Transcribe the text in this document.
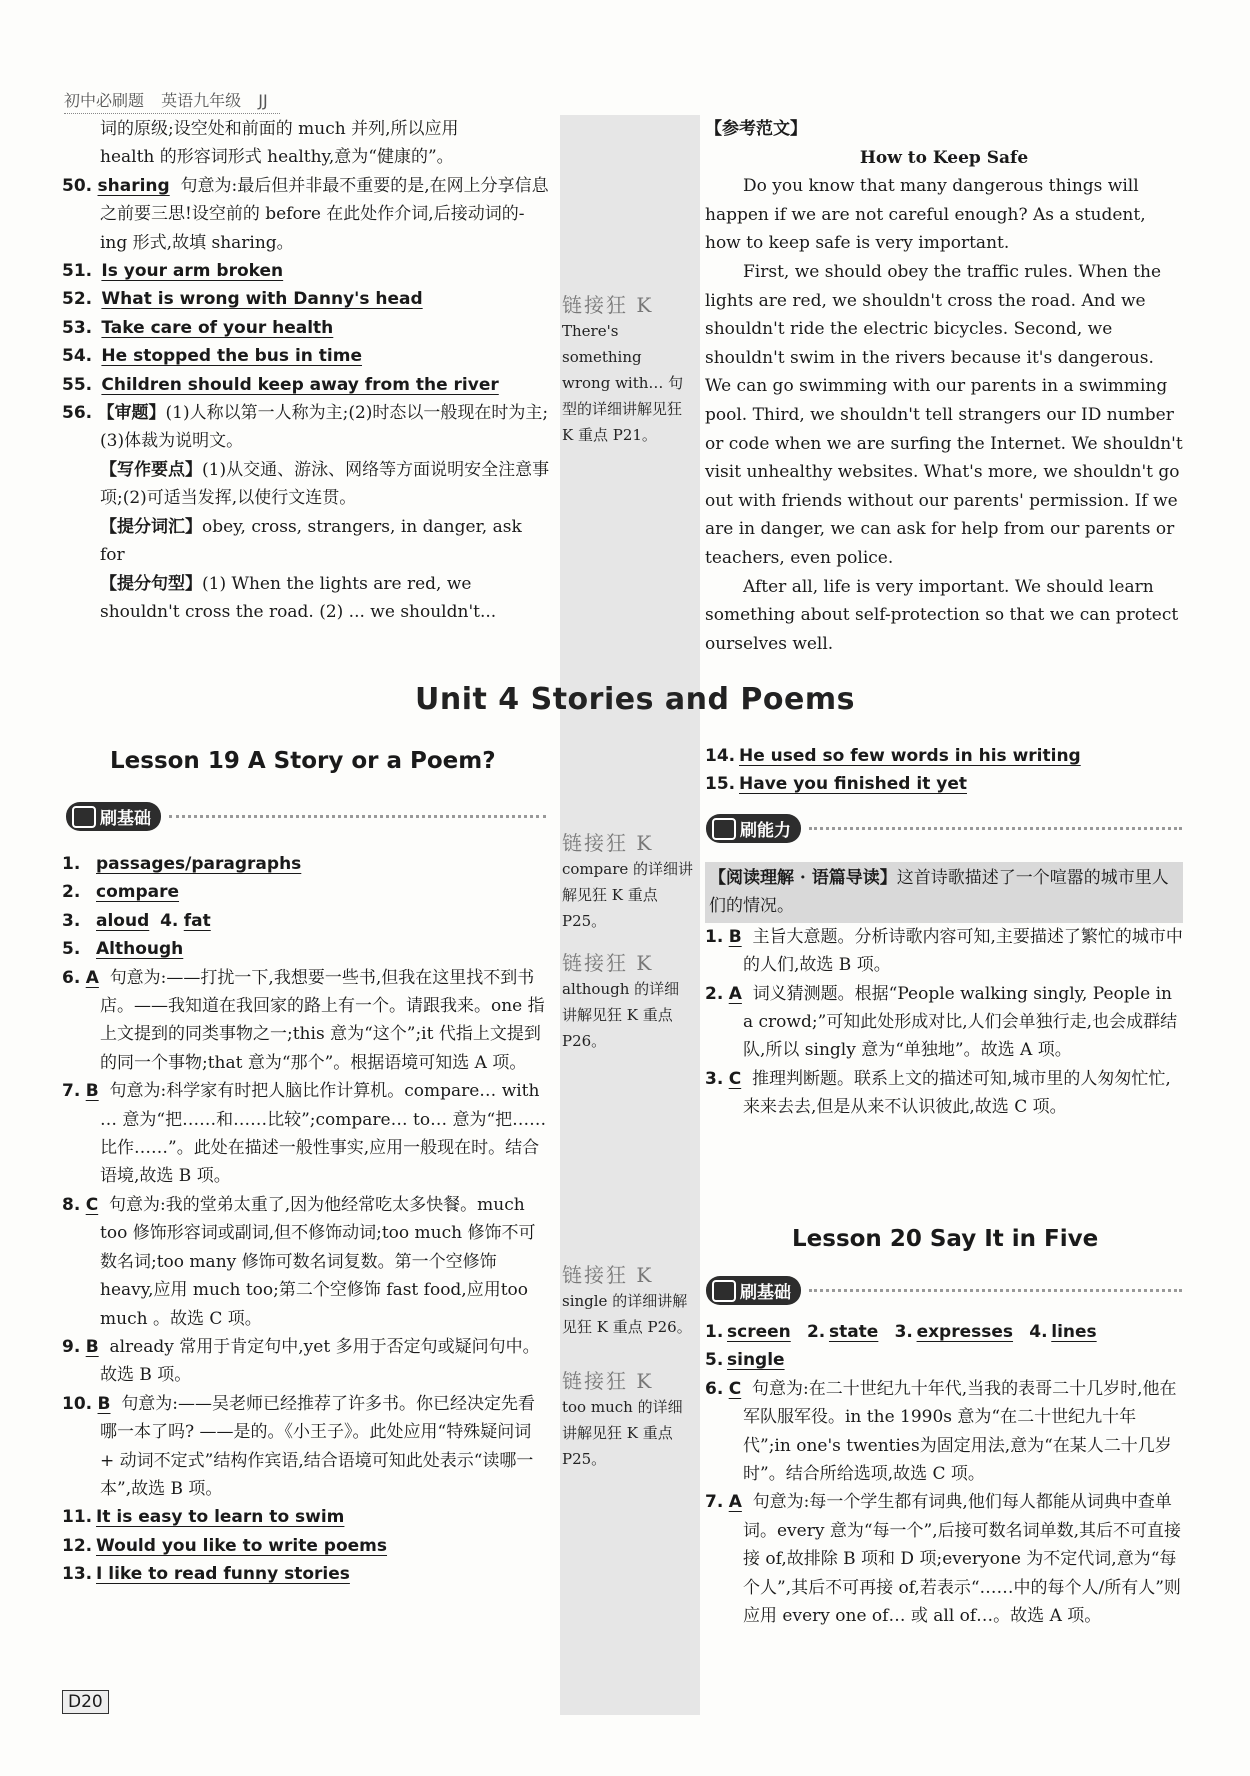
初中必刷题 英语九年级 JJ

词的原级;设空处和前面的 much 并列,所以应用

health 的形容词形式 healthy,意为“健康的”。

50. sharing 句意为:最后但并非最不重要的是,在网上分享信息之前要三思!设空前的 before 在此处作介词,后接动词的-ing 形式,故填 sharing。

51. Is your arm broken

52. What is wrong with Danny's head

53. Take care of your health

54. He stopped the bus in time

55. Children should keep away from the river

56. 【审题】(1)人称以第一人称为主;(2)时态以一般现在时为主;(3)体裁为说明文。

【写作要点】(1)从交通、游泳、网络等方面说明安全注意事项;(2)可适当发挥,以使行文连贯。

【提分词汇】obey, cross, strangers, in danger, ask for

【提分句型】(1) When the lights are red, we shouldn't cross the road. (2) ... we shouldn't...

【参考范文】

How to Keep Safe

Do you know that many dangerous things will happen if we are not careful enough? As a student, how to keep safe is very important.

First, we should obey the traffic rules. When the lights are red, we shouldn't cross the road. And we shouldn't ride the electric bicycles. Second, we shouldn't swim in the rivers because it's dangerous. We can go swimming with our parents in a swimming pool. Third, we shouldn't tell strangers our ID number or code when we are surfing the Internet. We shouldn't visit unhealthy websites. What's more, we shouldn't go out with friends without our parents' permission. If we are in danger, we can ask for help from our parents or teachers, even police.

After all, life is very important. We should learn something about self-protection so that we can protect ourselves well.

链接狂 K
There's something wrong with… 句型的详细讲解见狂 K 重点 P21。
链接狂 K
compare 的详细讲解见狂 K 重点 P25。
链接狂 K
although 的详细讲解见狂 K 重点 P26。
链接狂 K
single 的详细讲解见狂 K 重点 P26。
链接狂 K
too much 的详细讲解见狂 K 重点 P25。
Unit 4 Stories and Poems
Lesson 19 A Story or a Poem?
刷基础

1. passages/paragraphs

2. compare

3. aloud 4. fat

5. Although

6. A 句意为:——打扰一下,我想要一些书,但我在这里找不到书店。——我知道在我回家的路上有一个。请跟我来。one 指上文提到的同类事物之一;this 意为“这个”;it 代指上文提到的同一个事物;that 意为“那个”。根据语境可知选 A 项。

7. B 句意为:科学家有时把人脑比作计算机。compare… with … 意为“把……和……比较”;compare… to… 意为“把……比作……”。此处在描述一般性事实,应用一般现在时。结合语境,故选 B 项。

8. C 句意为:我的堂弟太重了,因为他经常吃太多快餐。much too 修饰形容词或副词,但不修饰动词;too much 修饰不可数名词;too many 修饰可数名词复数。第一个空修饰 heavy,应用 much too;第二个空修饰 fast food,应用too much 。故选 C 项。

9. B already 常用于肯定句中,yet 多用于否定句或疑问句中。故选 B 项。

10. B 句意为:——吴老师已经推荐了许多书。你已经决定先看哪一本了吗? ——是的。《小王子》。此处应用“特殊疑问词 + 动词不定式”结构作宾语,结合语境可知此处表示“读哪一本”,故选 B 项。

11. It is easy to learn to swim

12. Would you like to write poems

13. I like to read funny stories

14. He used so few words in his writing

15. Have you finished it yet

刷能力
【阅读理解 · 语篇导读】这首诗歌描述了一个喧嚣的城市里人们的情况。

1. B 主旨大意题。分析诗歌内容可知,主要描述了繁忙的城市中的人们,故选 B 项。

2. A 词义猜测题。根据“People walking singly, People in a crowd;”可知此处形成对比,人们会单独行走,也会成群结队,所以 singly 意为“单独地”。故选 A 项。

3. C 推理判断题。联系上文的描述可知,城市里的人匆匆忙忙,来来去去,但是从来不认识彼此,故选 C 项。

Lesson 20 Say It in Five
刷基础

1. screen 2. state 3. expresses 4. lines

5. single

6. C 句意为:在二十世纪九十年代,当我的表哥二十几岁时,他在军队服军役。in the 1990s 意为“在二十世纪九十年代”;in one's twenties为固定用法,意为“在某人二十几岁时”。结合所给选项,故选 C 项。

7. A 句意为:每一个学生都有词典,他们每人都能从词典中查单词。every 意为“每一个”,后接可数名词单数,其后不可直接接 of,故排除 B 项和 D 项;everyone 为不定代词,意为“每个人”,其后不可再接 of,若表示“……中的每个人/所有人”则应用 every one of… 或 all of…。故选 A 项。

D20
